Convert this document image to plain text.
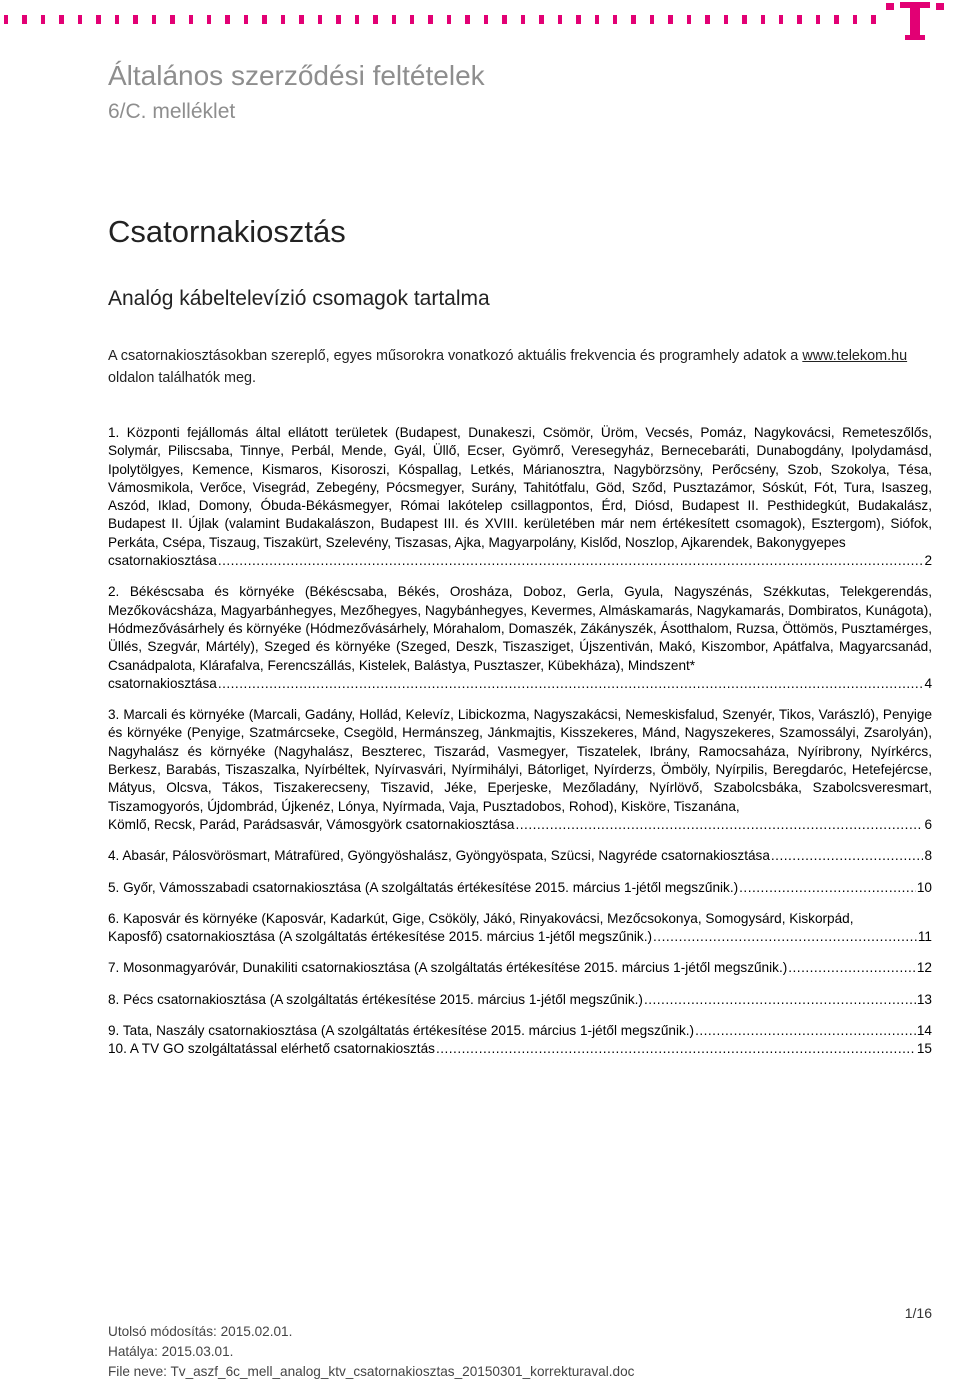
Általános szerződési feltételek
6/C. melléklet
Csatornakiosztás
Analóg kábeltelevízió csomagok tartalma
A csatornakiosztásokban szereplő, egyes műsorokra vonatkozó aktuális frekvencia és programhely adatok a www.telekom.hu oldalon találhatók meg.
1. Központi fejállomás által ellátott területek (Budapest, Dunakeszi, Csömör, Üröm, Vecsés, Pomáz, Nagykovácsi, Remeteszőlős, Solymár, Piliscsaba, Tinnye, Perbál, Mende, Gyál, Üllő, Ecser, Gyömrő, Veresegyház, Bernecebaráti, Dunabogdány, Ipolydamásd, Ipolytölgyes, Kemence, Kismaros, Kisoroszi, Kóspallag, Letkés, Márianosztra, Nagybörzsöny, Perőcsény, Szob, Szokolya, Tésa, Vámosmikola, Verőce, Visegrád, Zebegény, Pócsmegyer, Surány, Tahitótfalu, Göd, Sződ, Pusztazámor, Sóskút, Fót, Tura, Isaszeg, Aszód, Iklad, Domony, Óbuda-Békásmegyer, Római lakótelep csillagpontos, Érd, Diósd, Budapest II. Pesthidegkút, Budakalász, Budapest II. Újlak (valamint Budakalászon, Budapest III. és XVIII. kerületében már nem értékesített csomagok), Esztergom), Siófok, Perkáta, Csépa, Tiszaug, Tiszakürt, Szelevény, Tiszasas, Ajka, Magyarpolány, Kislőd, Noszlop, Ajkarendek, Bakonygyepes
csatornakiosztása .....	2
2. Békéscsaba és környéke (Békéscsaba, Békés, Orosháza, Doboz, Gerla, Gyula, Nagyszénás, Székkutas, Telekgerendás, Mezőkovácsháza, Magyarbánhegyes, Mezőhegyes, Nagybánhegyes, Kevermes, Almáskamarás, Nagykamarás, Dombiratos, Kunágota), Hódmezővásárhely és környéke (Hódmezővásárhely, Mórahalom, Domaszék, Zákányszék, Ásotthalom, Ruzsa, Öttömös, Pusztamérges, Üllés, Szegvár, Mártély), Szeged és környéke (Szeged, Deszk, Tiszasziget, Újszentiván, Makó, Kiszombor, Apátfalva, Magyarcsanád, Csanádpalota, Klárafalva, Ferencszállás, Kistelek, Balástya, Pusztaszer, Kübekháza), Mindszent*
csatornakiosztása .....	4
3. Marcali és környéke (Marcali, Gadány, Hollád, Kelevíz, Libickozma, Nagyszakácsi, Nemeskisfalud, Szenyér, Tikos, Varászló), Penyige és környéke (Penyige, Szatmárcseke, Csegöld, Hermánszeg, Jánkmajtis, Kisszekeres, Mánd, Nagyszekeres, Szamossályi, Zsarolyán), Nagyhalász és környéke (Nagyhalász, Beszterec, Tiszarád, Vasmegyer, Tiszatelek, Ibrány, Ramocsaháza, Nyíribrony, Nyírkércs, Berkesz, Barabás, Tiszaszalka, Nyírbéltek, Nyírvasvári, Nyírmihályi, Bátorliget, Nyírderzs, Ömböly, Nyírpilis, Beregdaróc, Hetefejércse, Mátyus, Olcsva, Tákos, Tiszakerecseny, Tiszavid, Jéke, Eperjeske, Mezőladány, Nyírlövő, Szabolcsbáka, Szabolcsveresmart, Tiszamogyorós, Újdombrád, Újkenéz, Lónya, Nyírmada, Vaja, Pusztadobos, Rohod), Kisköre, Tiszanána,
Kömlő, Recsk, Parád, Parádsasvár, Vámosgyörk csatornakiosztása .....	6
4. Abasár, Pálosvörösmart, Mátrafüred, Gyöngyöshalász, Gyöngyöspata, Szücsi, Nagyréde csatornakiosztása .....	8
5. Győr, Vámosszabadi csatornakiosztása (A szolgáltatás értékesítése 2015. március 1-jétől megszűnik.) .....	10
6. Kaposvár és környéke (Kaposvár, Kadarkút, Gige, Csököly, Jákó, Rinyakovácsi, Mezőcsokonya, Somogysárd, Kiskorpád,
Kaposfő) csatornakiosztása (A szolgáltatás értékesítése 2015. március 1-jétől megszűnik.) .....	11
7. Mosonmagyaróvár, Dunakiliti csatornakiosztása (A szolgáltatás értékesítése 2015. március 1-jétől megszűnik.) .....	12
8. Pécs csatornakiosztása (A szolgáltatás értékesítése 2015. március 1-jétől megszűnik.) .....	13
9. Tata, Naszály csatornakiosztása (A szolgáltatás értékesítése 2015. március 1-jétől megszűnik.) .....	14
10. A TV GO szolgáltatással elérhető csatornakiosztás .....	15
1/16
Utolsó módosítás: 2015.02.01.
Hatálya: 2015.03.01.
File neve: Tv_aszf_6c_mell_analog_ktv_csatornakiosztas_20150301_korrekturaval.doc
